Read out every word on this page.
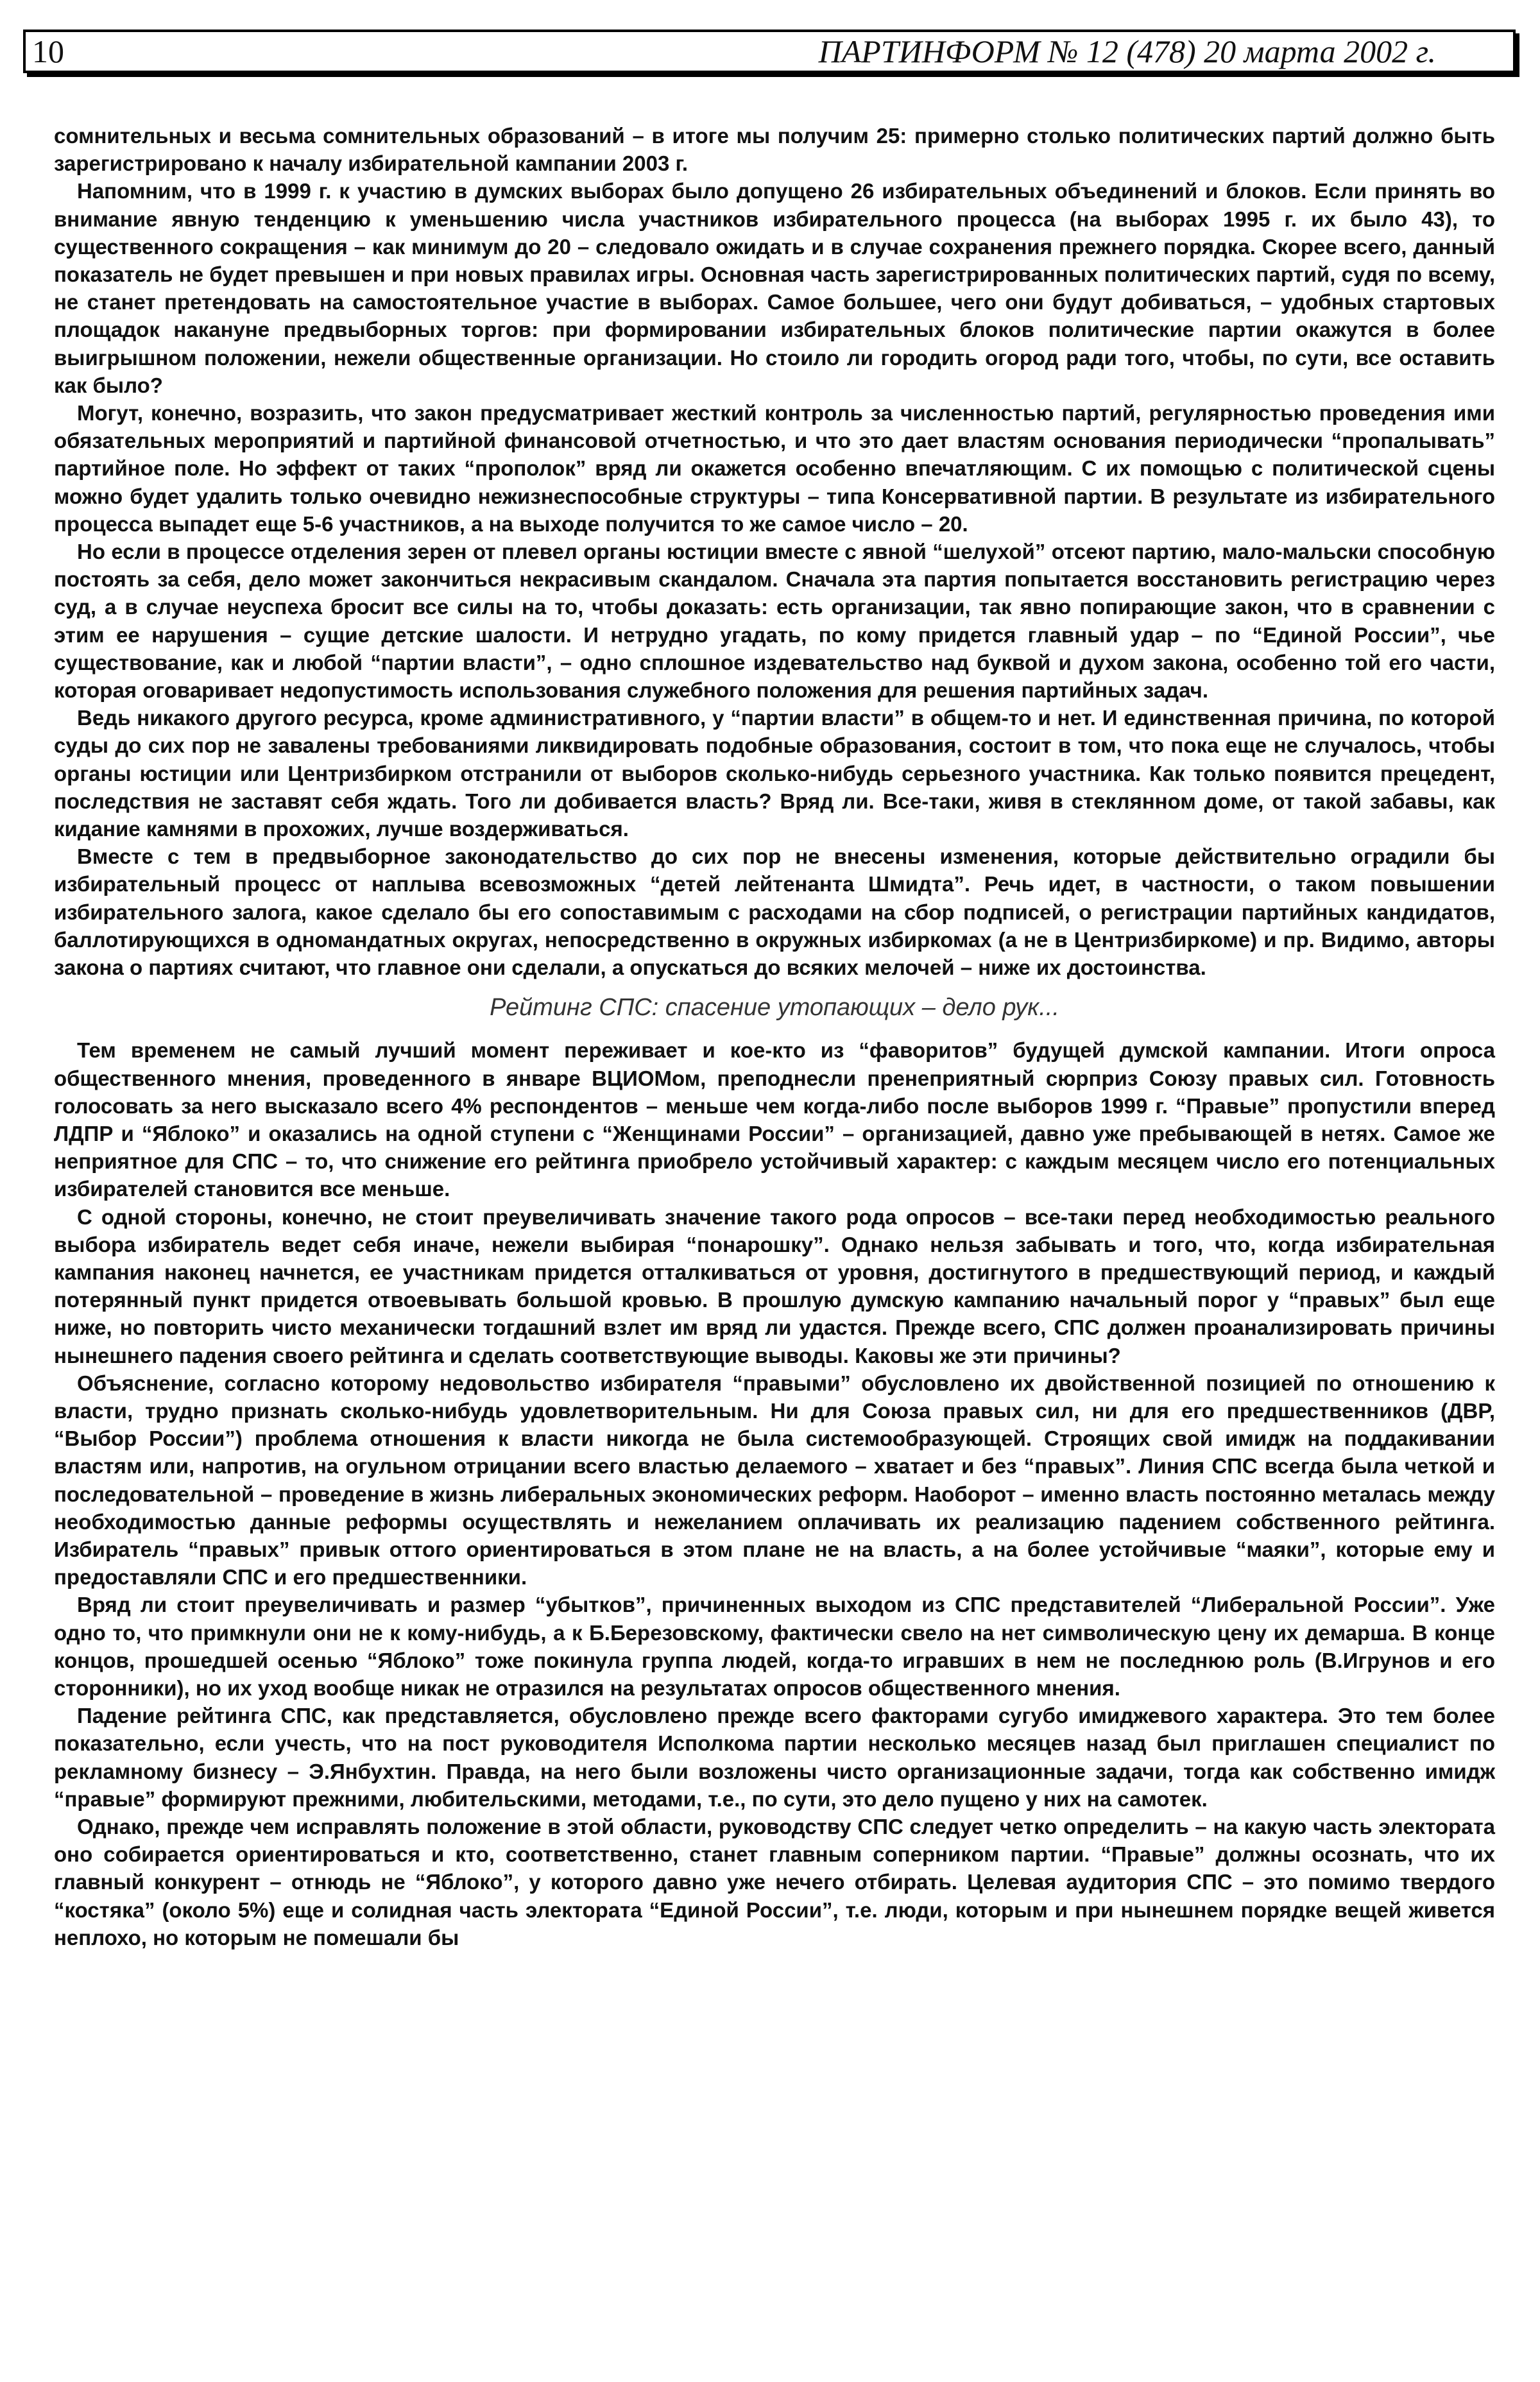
10	ПАРТИНФОРМ № 12 (478) 20 марта 2002 г.

сомнительных и весьма сомнительных образований – в итоге мы получим 25: примерно столько политических партий должно быть зарегистрировано к началу избирательной кампании 2003 г.

Напомним, что в 1999 г. к участию в думских выборах было допущено 26 избирательных объединений и блоков. Если принять во внимание явную тенденцию к уменьшению числа участников избирательного процесса (на выборах 1995 г. их было 43), то существенного сокращения – как минимум до 20 – следовало ожидать и в случае сохранения прежнего порядка. Скорее всего, данный показатель не будет превышен и при новых правилах игры. Основная часть зарегистрированных политических партий, судя по всему, не станет претендовать на самостоятельное участие в выборах. Самое большее, чего они будут добиваться, – удобных стартовых площадок накануне предвыборных торгов: при формировании избирательных блоков политические партии окажутся в более выигрышном положении, нежели общественные организации. Но стоило ли городить огород ради того, чтобы, по сути, все оставить как было?

Могут, конечно, возразить, что закон предусматривает жесткий контроль за численностью партий, регулярностью проведения ими обязательных мероприятий и партийной финансовой отчетностью, и что это дает властям основания периодически “пропалывать” партийное поле. Но эффект от таких “прополок” вряд ли окажется особенно впечатляющим. С их помощью с политической сцены можно будет удалить только очевидно нежизнеспособные структуры – типа Консервативной партии. В результате из избирательного процесса выпадет еще 5-6 участников, а на выходе получится то же самое число – 20.

Но если в процессе отделения зерен от плевел органы юстиции вместе с явной “шелухой” отсеют партию, мало-мальски способную постоять за себя, дело может закончиться некрасивым скандалом. Сначала эта партия попытается восстановить регистрацию через суд, а в случае неуспеха бросит все силы на то, чтобы доказать: есть организации, так явно попирающие закон, что в сравнении с этим ее нарушения – сущие детские шалости. И нетрудно угадать, по кому придется главный удар – по “Единой России”, чье существование, как и любой “партии власти”, – одно сплошное издевательство над буквой и духом закона, особенно той его части, которая оговаривает недопустимость использования служебного положения для решения партийных задач.

Ведь никакого другого ресурса, кроме административного, у “партии власти” в общем-то и нет. И единственная причина, по которой суды до сих пор не завалены требованиями ликвидировать подобные образования, состоит в том, что пока еще не случалось, чтобы органы юстиции или Центризбирком отстранили от выборов сколько-нибудь серьезного участника. Как только появится прецедент, последствия не заставят себя ждать. Того ли добивается власть? Вряд ли. Все-таки, живя в стеклянном доме, от такой забавы, как кидание камнями в прохожих, лучше воздерживаться.

Вместе с тем в предвыборное законодательство до сих пор не внесены изменения, которые действительно оградили бы избирательный процесс от наплыва всевозможных “детей лейтенанта Шмидта”. Речь идет, в частности, о таком повышении избирательного залога, какое сделало бы его сопоставимым с расходами на сбор подписей, о регистрации партийных кандидатов, баллотирующихся в одномандатных округах, непосредственно в окружных избиркомах (а не в Центризбиркоме) и пр. Видимо, авторы закона о партиях считают, что главное они сделали, а опускаться до всяких мелочей – ниже их достоинства.

Рейтинг СПС: спасение утопающих – дело рук...

Тем временем не самый лучший момент переживает и кое-кто из “фаворитов” будущей думской кампании. Итоги опроса общественного мнения, проведенного в январе ВЦИОМом, преподнесли пренеприятный сюрприз Союзу правых сил. Готовность голосовать за него высказало всего 4% респондентов – меньше чем когда-либо после выборов 1999 г. “Правые” пропустили вперед ЛДПР и “Яблоко” и оказались на одной ступени с “Женщинами России” – организацией, давно уже пребывающей в нетях. Самое же неприятное для СПС – то, что снижение его рейтинга приобрело устойчивый характер: с каждым месяцем число его потенциальных избирателей становится все меньше.

С одной стороны, конечно, не стоит преувеличивать значение такого рода опросов – все-таки перед необходимостью реального выбора избиратель ведет себя иначе, нежели выбирая “понарошку”. Однако нельзя забывать и того, что, когда избирательная кампания наконец начнется, ее участникам придется отталкиваться от уровня, достигнутого в предшествующий период, и каждый потерянный пункт придется отвоевывать большой кровью. В прошлую думскую кампанию начальный порог у “правых” был еще ниже, но повторить чисто механически тогдашний взлет им вряд ли удастся. Прежде всего, СПС должен проанализировать причины нынешнего падения своего рейтинга и сделать соответствующие выводы. Каковы же эти причины?

Объяснение, согласно которому недовольство избирателя “правыми” обусловлено их двойственной позицией по отношению к власти, трудно признать сколько-нибудь удовлетворительным. Ни для Союза правых сил, ни для его предшественников (ДВР, “Выбор России”) проблема отношения к власти никогда не была системообразующей. Строящих свой имидж на поддакивании властям или, напротив, на огульном отрицании всего властью делаемого – хватает и без “правых”. Линия СПС всегда была четкой и последовательной – проведение в жизнь либеральных экономических реформ. Наоборот – именно власть постоянно металась между необходимостью данные реформы осуществлять и нежеланием оплачивать их реализацию падением собственного рейтинга. Избиратель “правых” привык оттого ориентироваться в этом плане не на власть, а на более устойчивые “маяки”, которые ему и предоставляли СПС и его предшественники.

Вряд ли стоит преувеличивать и размер “убытков”, причиненных выходом из СПС представителей “Либеральной России”. Уже одно то, что примкнули они не к кому-нибудь, а к Б.Березовскому, фактически свело на нет символическую цену их демарша. В конце концов, прошедшей осенью “Яблоко” тоже покинула группа людей, когда-то игравших в нем не последнюю роль (В.Игрунов и его сторонники), но их уход вообще никак не отразился на результатах опросов общественного мнения.

Падение рейтинга СПС, как представляется, обусловлено прежде всего факторами сугубо имиджевого характера. Это тем более показательно, если учесть, что на пост руководителя Исполкома партии несколько месяцев назад был приглашен специалист по рекламному бизнесу – Э.Янбухтин. Правда, на него были возложены чисто организационные задачи, тогда как собственно имидж “правые” формируют прежними, любительскими, методами, т.е., по сути, это дело пущено у них на самотек.

Однако, прежде чем исправлять положение в этой области, руководству СПС следует четко определить – на какую часть электората оно собирается ориентироваться и кто, соответственно, станет главным соперником партии. “Правые” должны осознать, что их главный конкурент – отнюдь не “Яблоко”, у которого давно уже нечего отбирать. Целевая аудитория СПС – это помимо твердого “костяка” (около 5%) еще и солидная часть электората “Единой России”, т.е. люди, которым и при нынешнем порядке вещей живется неплохо, но которым не помешали бы
